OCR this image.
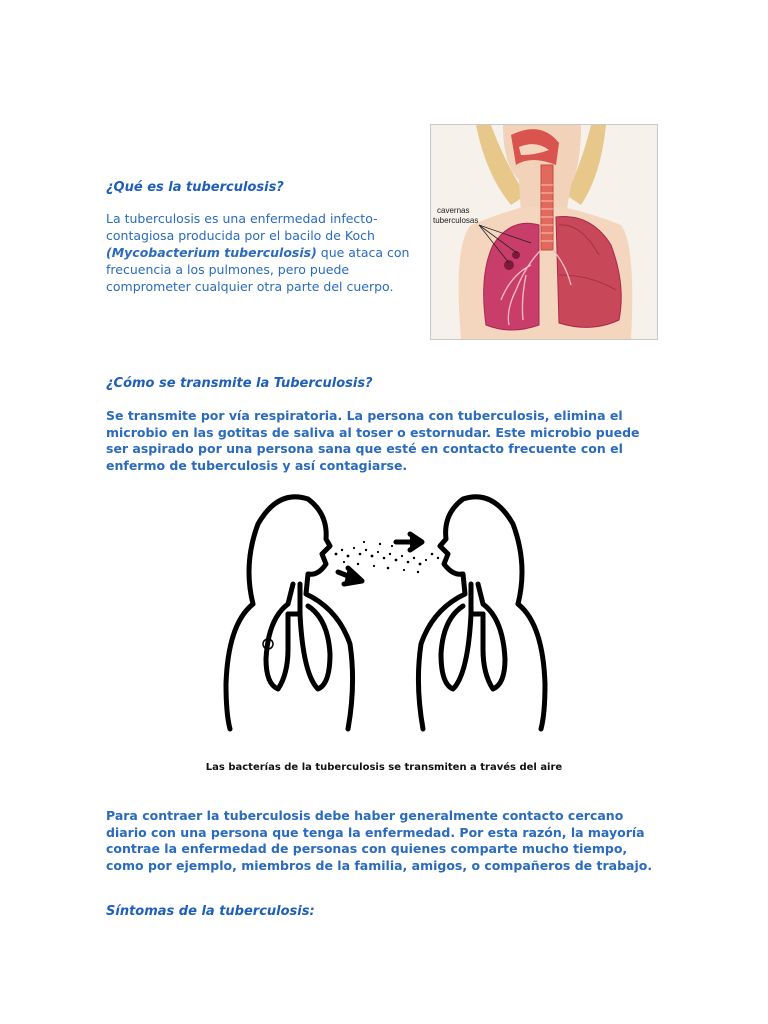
¿Qué es la tuberculosis?
La tuberculosis es una enfermedad infecto-
contagiosa producida por el bacilo de Koch
(Mycobacterium tuberculosis) que ataca con
frecuencia a los pulmones, pero puede
comprometer cualquier otra parte del cuerpo.
cavernas
tuberculosas
¿Cómo se transmite la Tuberculosis?
Se transmite por vía respiratoria. La persona con tuberculosis, elimina el
microbio en las gotitas de saliva al toser o estornudar. Este microbio puede
ser aspirado por una persona sana que esté en contacto frecuente con el
enfermo de tuberculosis y así contagiarse.
Las bacterías de la tuberculosis se transmiten a través del aire
Para contraer la tuberculosis debe haber generalmente contacto cercano
diario con una persona que tenga la enfermedad. Por esta razón, la mayoría
contrae la enfermedad de personas con quienes comparte mucho tiempo,
como por ejemplo, miembros de la familia, amigos, o compañeros de trabajo.
Síntomas de la tuberculosis:
